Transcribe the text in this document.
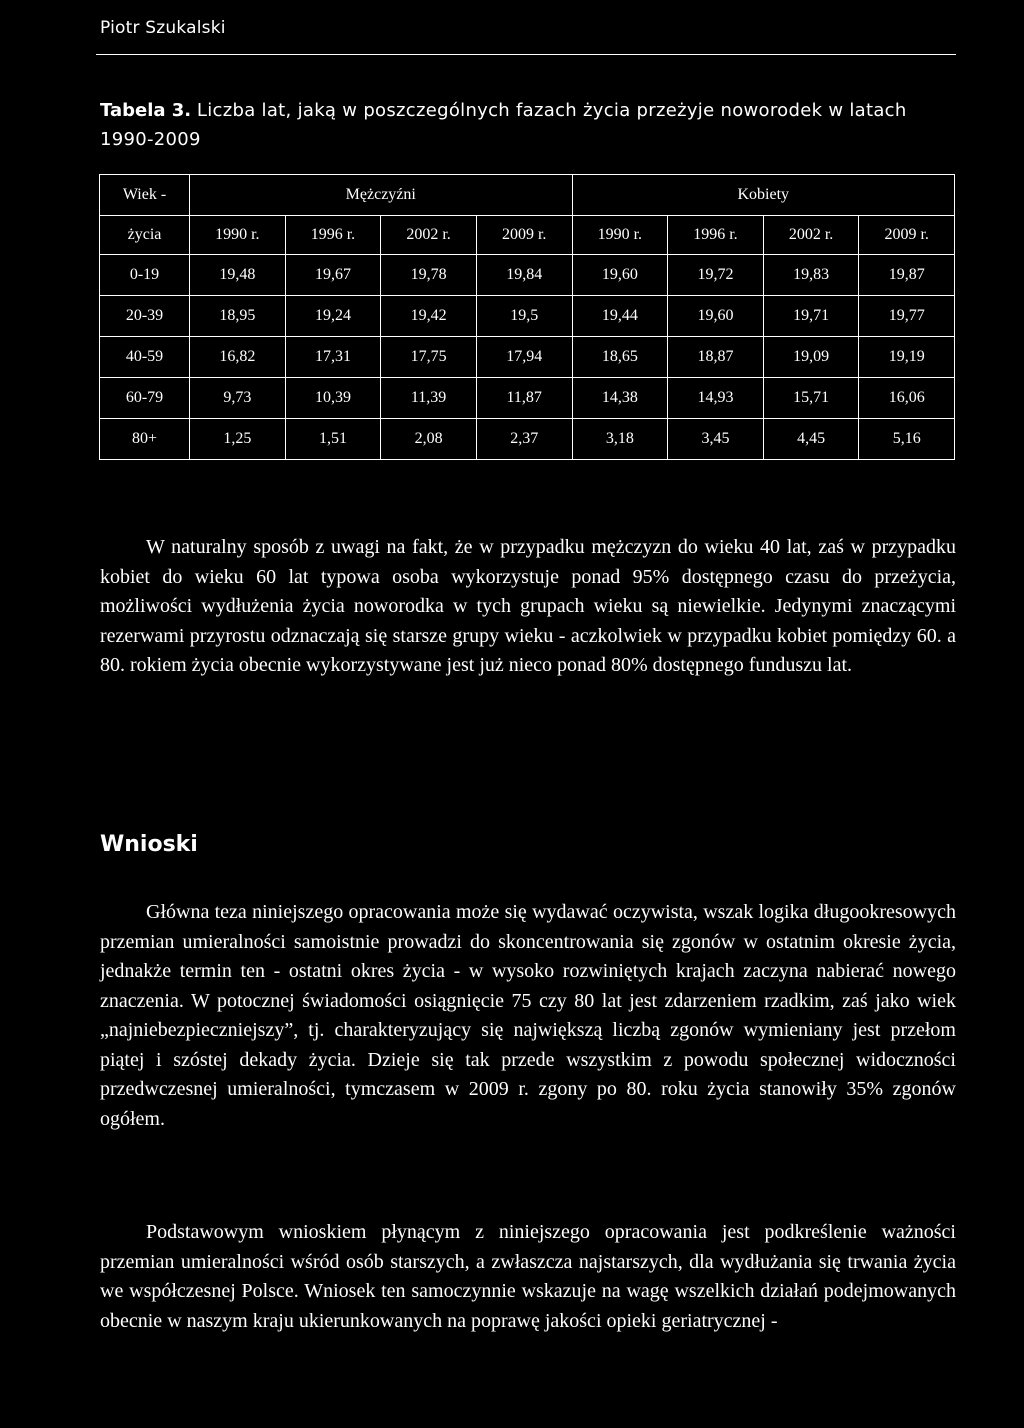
Piotr Szukalski
Tabela 3. Liczba lat, jaką w poszczególnych fazach życia przeżyje noworodek w latach 1990-2009
Wiek -	Mężczyźni				Kobiety			
życia	1990 r.	1996 r.	2002 r.	2009 r.	1990 r.	1996 r.	2002 r.	2009 r.
0-19	19,48	19,67	19,78	19,84	19,60	19,72	19,83	19,87
20-39	18,95	19,24	19,42	19,5	19,44	19,60	19,71	19,77
40-59	16,82	17,31	17,75	17,94	18,65	18,87	19,09	19,19
60-79	9,73	10,39	11,39	11,87	14,38	14,93	15,71	16,06
80+	1,25	1,51	2,08	2,37	3,18	3,45	4,45	5,16

W naturalny sposób z uwagi na fakt, że w przypadku mężczyzn do wieku 40 lat, zaś w przypadku kobiet do wieku 60 lat typowa osoba wykorzystuje ponad 95% dostępnego czasu do przeżycia, możliwości wydłużenia życia noworodka w tych grupach wieku są niewielkie. Jedynymi znaczącymi rezerwami przyrostu odznaczają się starsze grupy wieku - aczkolwiek w przypadku kobiet pomiędzy 60. a 80. rokiem życia obecnie wykorzystywane jest już nieco ponad 80% dostępnego funduszu lat.

Wnioski

Główna teza niniejszego opracowania może się wydawać oczywista, wszak logika długookresowych przemian umieralności samoistnie prowadzi do skoncentrowania się zgonów w ostatnim okresie życia, jednakże termin ten - ostatni okres życia - w wysoko rozwiniętych krajach zaczyna nabierać nowego znaczenia. W potocznej świadomości osiągnięcie 75 czy 80 lat jest zdarzeniem rzadkim, zaś jako wiek „najniebezpieczniejszy”, tj. charakteryzujący się największą liczbą zgonów wymieniany jest przełom piątej i szóstej dekady życia. Dzieje się tak przede wszystkim z powodu społecznej widoczności przedwczesnej umieralności, tymczasem w 2009 r. zgony po 80. roku życia stanowiły 35% zgonów ogółem.

Podstawowym wnioskiem płynącym z niniejszego opracowania jest podkreślenie ważności przemian umieralności wśród osób starszych, a zwłaszcza najstarszych, dla wydłużania się trwania życia we współczesnej Polsce. Wniosek ten samoczynnie wskazuje na wagę wszelkich działań podejmowanych obecnie w naszym kraju ukierunkowanych na poprawę jakości opieki geriatrycznej -
